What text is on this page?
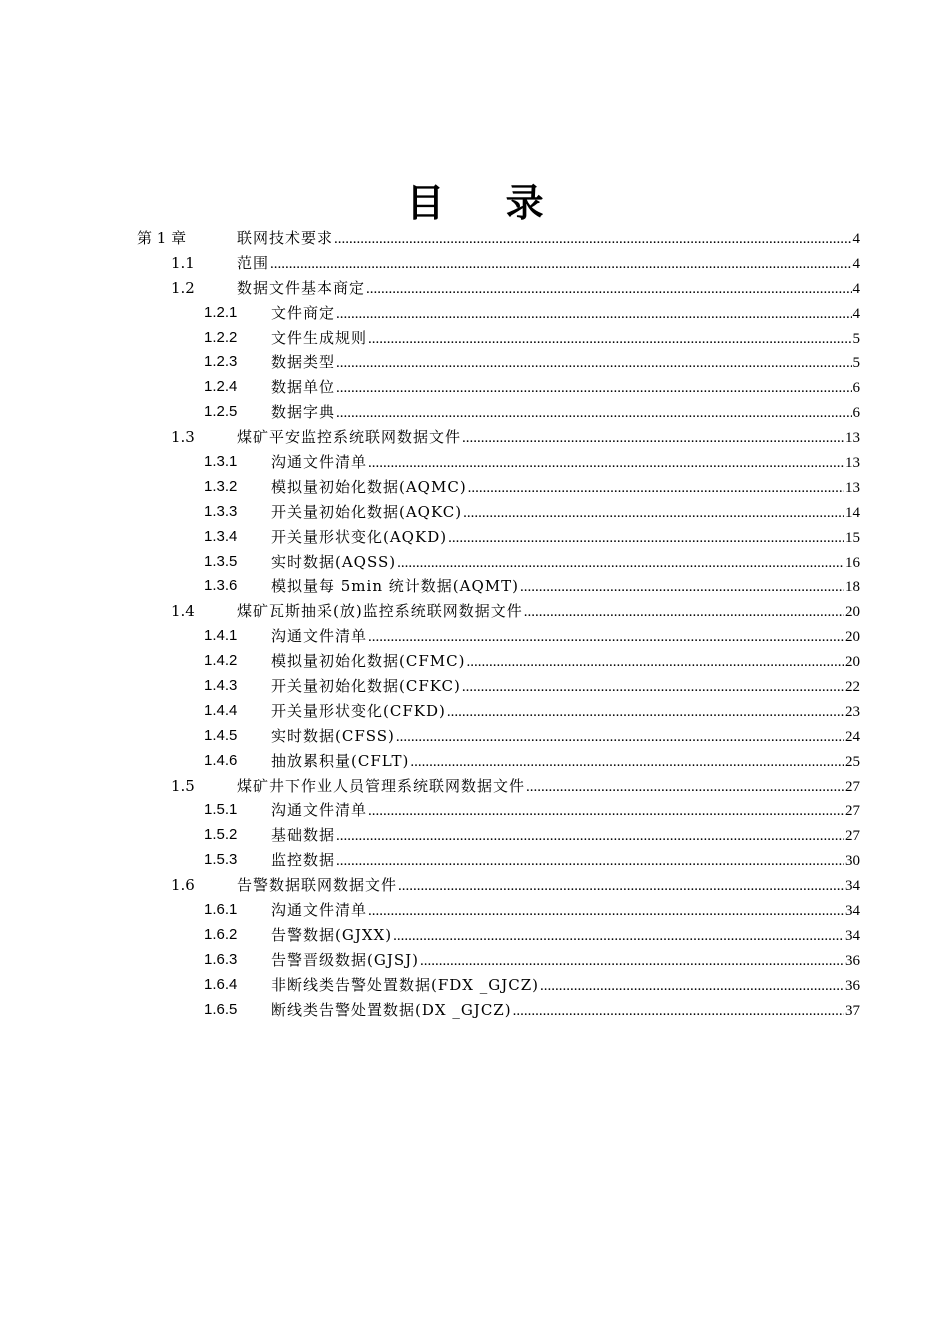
目 录
第 1 章	联网技术要求 .....	4
1.1	范围 .....	4
1.2	数据文件基本商定 .....	4
1.2.1 文件商定 .....	4
1.2.2 文件生成规则 .....	5
1.2.3 数据类型 .....	5
1.2.4 数据单位 .....	6
1.2.5 数据字典 .....	6
1.3	煤矿平安监控系统联网数据文件 .....	13
1.3.1 沟通文件清单 .....	13
1.3.2 模拟量初始化数据(AQMC) .....	13
1.3.3 开关量初始化数据(AQKC) .....	14
1.3.4 开关量形状变化(AQKD) .....	15
1.3.5 实时数据(AQSS) .....	16
1.3.6 模拟量每 5min 统计数据(AQMT) .....	18
1.4	煤矿瓦斯抽采(放)监控系统联网数据文件 .....	20
1.4.1 沟通文件清单 .....	20
1.4.2 模拟量初始化数据(CFMC) .....	20
1.4.3 开关量初始化数据(CFKC) .....	22
1.4.4 开关量形状变化(CFKD) .....	23
1.4.5 实时数据(CFSS) .....	24
1.4.6 抽放累积量(CFLT) .....	25
1.5	煤矿井下作业人员管理系统联网数据文件 .....	27
1.5.1 沟通文件清单 .....	27
1.5.2 基础数据 .....	27
1.5.3 监控数据 .....	30
1.6	告警数据联网数据文件 .....	34
1.6.1 沟通文件清单 .....	34
1.6.2 告警数据(GJXX) .....	34
1.6.3 告警晋级数据(GJSJ) .....	36
1.6.4 非断线类告警处置数据(FDX _GJCZ) .....	36
1.6.5 断线类告警处置数据(DX _GJCZ) .....	37
